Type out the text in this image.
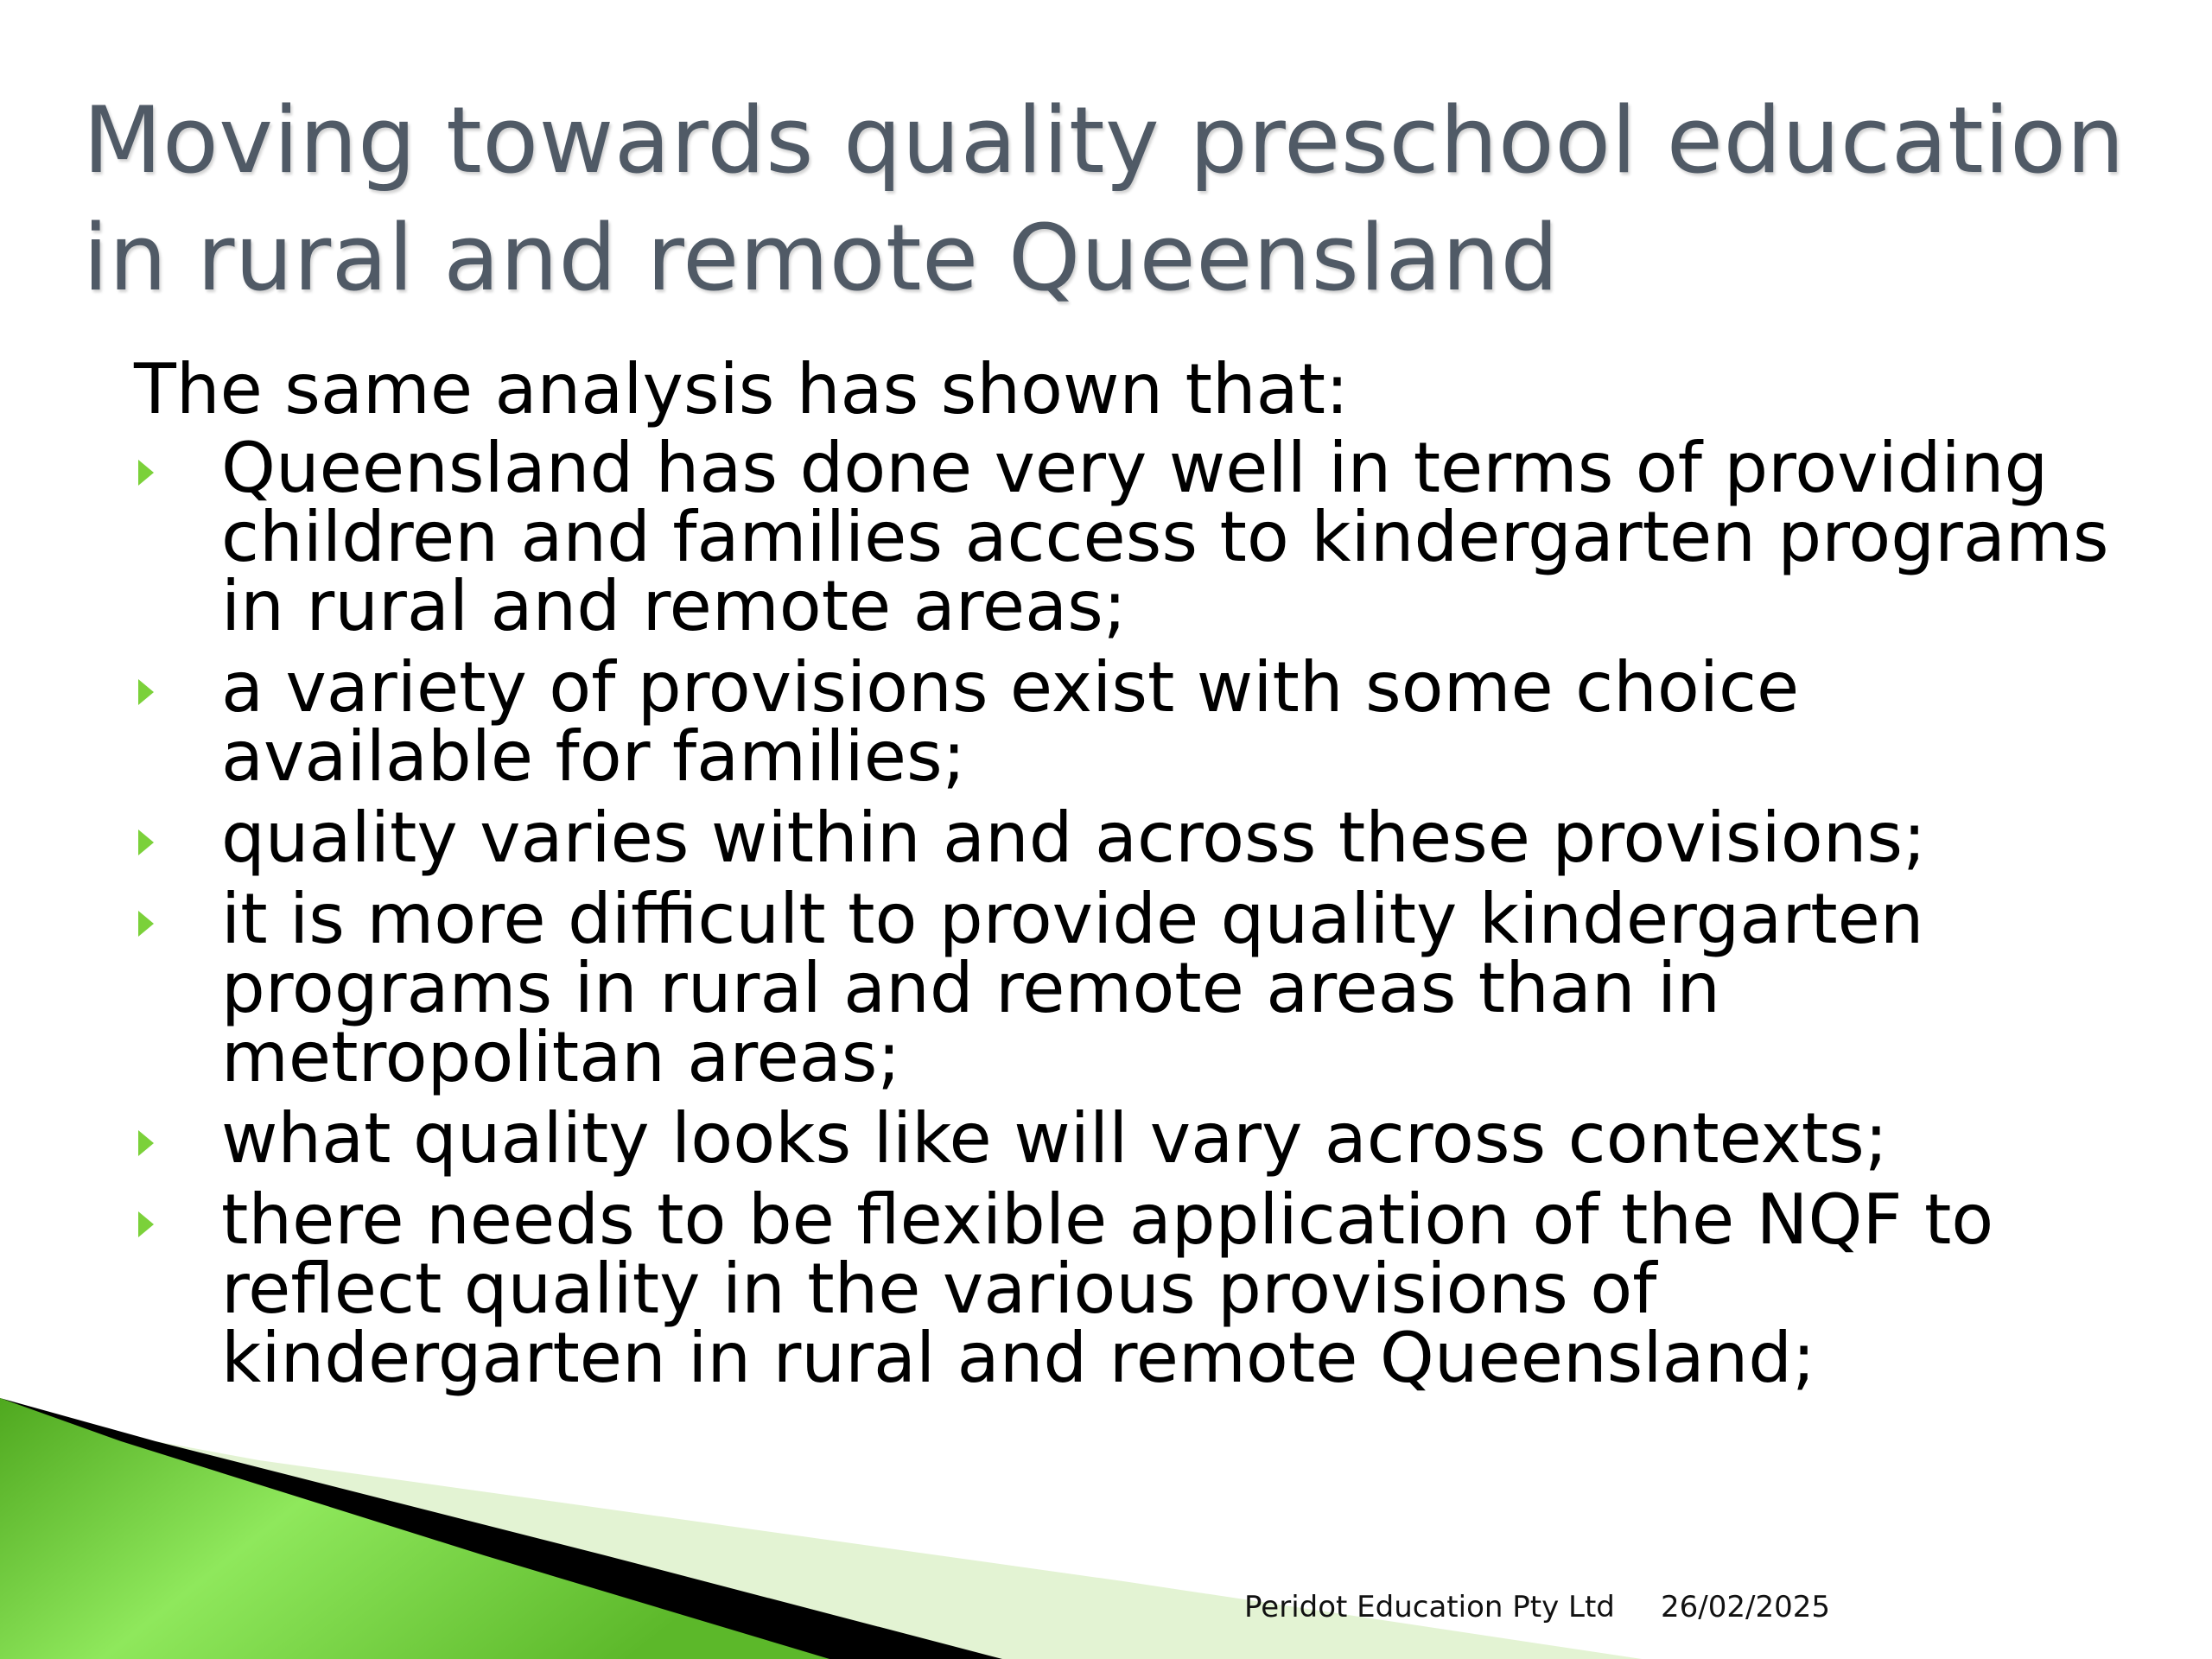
Moving towards quality preschool education in rural and remote Queensland

The same analysis has shown that:

Queensland has done very well in terms of providing children and families access to kindergarten programs in rural and remote areas;
a variety of provisions exist with some choice available for families;
quality varies within and across these provisions;
it is more difficult to provide quality kindergarten programs in rural and remote areas than in metropolitan areas;
what quality looks like will vary across contexts;
there needs to be flexible application of the NQF to reflect quality in the various provisions of kindergarten in rural and remote Queensland;
Peridot Education Pty Ltd 26/02/2025
